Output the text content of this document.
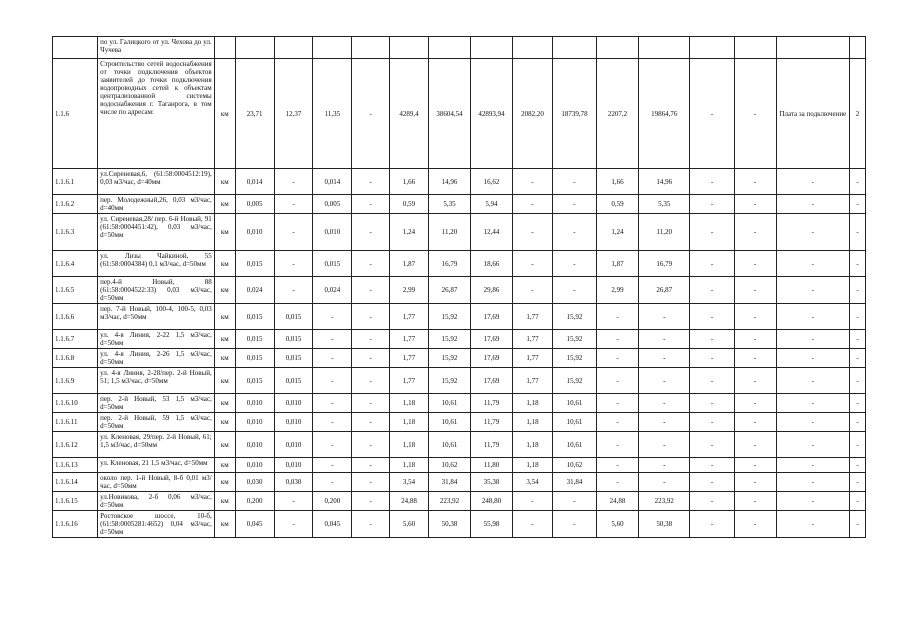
	по ул. Галицкого от ул. Чехова до ул. Чучева																
1.1.6	Строительство сетей водоснабжения от точки подключения объектов заявителей до точки подключения водопроводных сетей к объектам централизованной системы водоснабжения г. Таганрога, в том числе по адресам:	км	23,71	12,37	11,35	-	4289,4	38604,54	42893,94	2082,20	18739,78	2207,2	19864,76	-	-	Плата за подключение	2
1.1.6.1	ул.Сиреневая,6, (61:58:0004512:19), 0,03 м3/час, d=40мм	км	0,014	-	0,014	-	1,66	14,96	16,62	-	-	1,66	14,96	-	-	-	-
1.1.6.2	пер. Молодежный,26, 0,03 м3/час, d=40мм	км	0,005	-	0,005	-	0,59	5,35	5,94	-	-	0,59	5,35	-	-	-	-
1.1.6.3	ул. Сиреневая,28/ пер. 6-й Новый, 91 (61:58:0004451:42), 0,03 м3/час, d=50мм	км	0,010	-	0,010	-	1,24	11,20	12,44	-	-	1,24	11,20	-	-	-	-
1.1.6.4	ул. Лизы Чайкиной, 55 (61:58:0004384) 0,1 м3/час, d=50мм	км	0,015	-	0,015	-	1,87	16,79	18,66	-	-	1,87	16,79	-	-	-	-
1.1.6.5	пер.4-й Новый, 88 (61:58:0004522:33) 0,03 м3/час, d=50мм	км	0,024	-	0,024	-	2,99	26,87	29,86	-	-	2,99	26,87	-	-	-	-
1.1.6.6	пер. 7-й Новый, 100-4, 100-5, 0,03 м3/час, d=50мм	км	0,015	0,015	-	-	1,77	15,92	17,69	1,77	15,92	-	-	-	-	-	-
1.1.6.7	ул. 4-я Линия, 2-22 1,5 м3/час, d=50мм	км	0,015	0,015	-	-	1,77	15,92	17,69	1,77	15,92	-	-	-	-	-	-
1.1.6.8	ул. 4-я Линия, 2-26 1,5 м3/час, d=50мм	км	0,015	0,015	-	-	1,77	15,92	17,69	1,77	15,92	-	-	-	-	-	-
1.1.6.9	ул. 4-я Линия, 2-28/пер. 2-й Новый, 51; 1,5 м3/час, d=50мм	км	0,015	0,015	-	-	1,77	15,92	17,69	1,77	15,92	-	-	-	-	-	-
1.1.6.10	пер. 2-й Новый, 53 1,5 м3/час, d=50мм	км	0,010	0,010	-	-	1,18	10,61	11,79	1,18	10,61	-	-	-	-	-	-
1.1.6.11	пер. 2-й Новый, 59 1,5 м3/час, d=50мм	км	0,010	0,010	-	-	1,18	10,61	11,79	1,18	10,61	-	-	-	-	-	-
1.1.6.12	ул. Кленовая, 29/пер. 2-й Новый, 61; 1,5 м3/час, d=50мм	км	0,010	0,010	-	-	1,18	10,61	11,79	1,18	10,61	-	-	-	-	-	-
1.1.6.13	ул. Кленовая, 21 1,5 м3/час, d=50мм	км	0,010	0,010	-	-	1,18	10,62	11,80	1,18	10,62	-	-	-	-	-	-
1.1.6.14	около пер. 1-й Новый, 8-б 0,01 м3/час, d=50мм	км	0,030	0,030	-	-	3,54	31,84	35,38	3,54	31,84	-	-	-	-	-	-
1.1.6.15	ул.Новикова, 2-б 0,06 м3/час, d=50мм	км	0,200	-	0,200	-	24,88	223,92	248,80	-	-	24,88	223,92	-	-	-	-
1.1.6.16	Ростовское шоссе, 10-б, (61:58:0005281:4652) 0,04 м3/час, d=50мм	км	0,045	-	0,045	-	5,60	50,38	55,98	-	-	5,60	50,38	-	-	-	-
